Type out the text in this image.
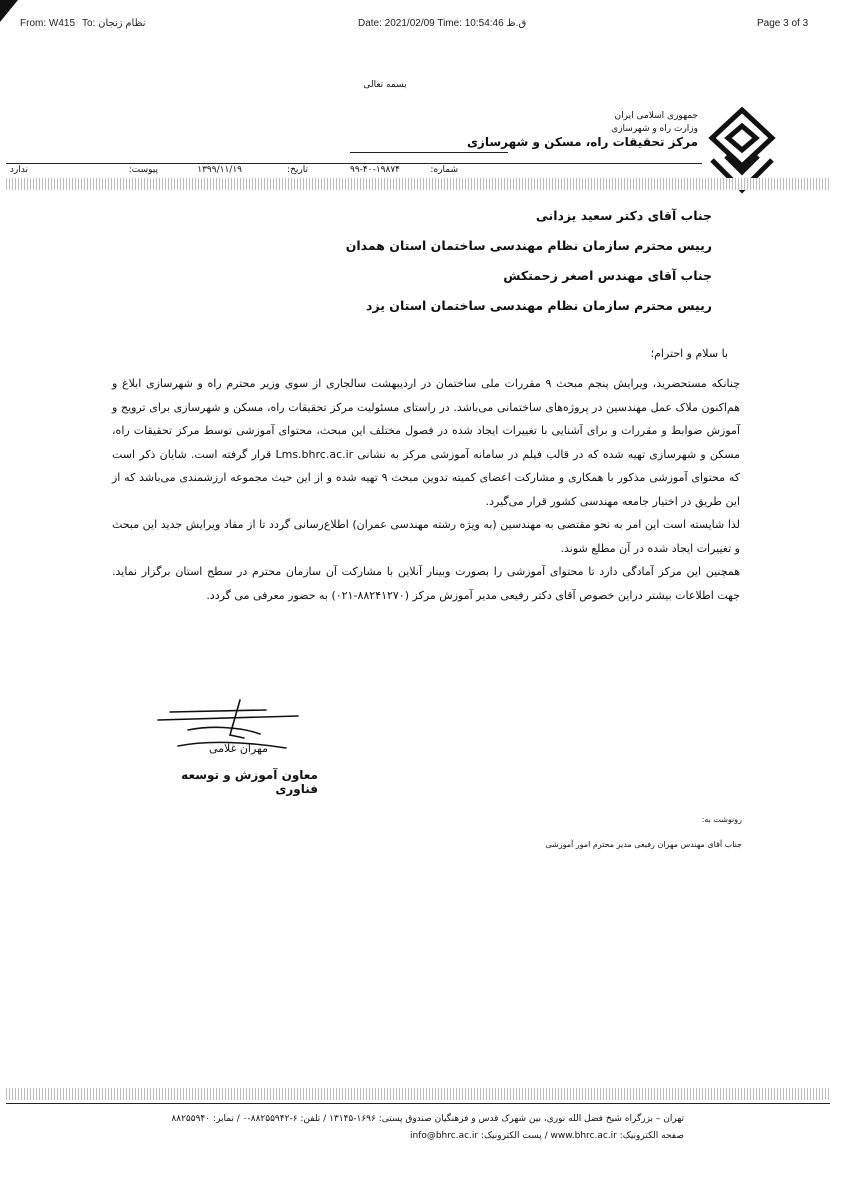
From: W415 To: نظام زنجان	Date: 2021/02/09 Time: 10:54:46 ق.ظ	Page 3 of 3
بسمه تعالی
جمهوری اسلامی ایران
وزارت راه و شهرسازی
مرکز تحقیقات راه، مسکن و شهرسازی
شماره:
۹۹-۴۰-۱۹۸۷۴
تاریخ:
۱۳۹۹/۱۱/۱۹
پیوست:
ندارد
جناب آقای دکتر سعید یزدانی
رییس محترم سازمان نظام مهندسی ساختمان استان همدان
جناب آقای مهندس اصغر زحمتکش
رییس محترم سازمان نظام مهندسی ساختمان استان یزد
با سلام و احترام؛

چنانکه مستحضرید، ویرایش پنجم مبحث ۹ مقررات ملی ساختمان در اردیبهشت سالجاری از سوی وزیر محترم راه و شهرسازی ابلاغ و هم‌اکنون ملاک عمل مهندسین در پروژه‌های ساختمانی می‌باشد. در راستای مسئولیت مرکز تحقیقات راه، مسکن و شهرسازی برای ترویج و آموزش ضوابط و مقررات و برای آشنایی با تغییرات ایجاد شده در فصول مختلف این مبحث، محتوای آموزشی توسط مرکز تحقیقات راه، مسکن و شهرسازی تهیه شده که در قالب فیلم در سامانه آموزشی مرکز به نشانی Lms.bhrc.ac.ir قرار گرفته است. شایان ذکر است که محتوای آموزشی مذکور با همکاری و مشارکت اعضای کمیته تدوین مبحث ۹ تهیه شده و از این حیث مجموعه ارزشمندی می‌باشد که از این طریق در اختیار جامعه مهندسی کشور قرار می‌گیرد.

لذا شایسته است این امر به نحو مقتضی به مهندسین (به ویژه رشته مهندسی عمران) اطلاع‌رسانی گردد تا از مفاد ویرایش جدید این مبحث و تغییرات ایجاد شده در آن مطلع شوند.

همچنین این مرکز آمادگی دارد تا محتوای آموزشی را بصورت وبینار آنلاین با مشارکت آن سازمان محترم در سطح استان برگزار نماید. جهت اطلاعات بیشتر دراین خصوص آقای دکتر رفیعی مدیر آموزش مرکز (۸۸۲۴۱۲۷۰-۰۲۱) به حضور معرفی می گردد.

مهران غلامی
معاون آموزش و توسعه فناوری
رونوشت به:
جناب آقای مهندس مهران رفیعی مدیر محترم امور آموزشی
تهران – بزرگراه شیخ فضل الله نوری، بین شهرک قدس و فرهنگیان صندوق پستی: ۱۶۹۶-۱۳۱۴۵ / تلفن: ۶-۸۸۲۵۵۹۴۲-۰ / نمابر: ۸۸۲۵۵۹۴۰
صفحه الکترونیک: www.bhrc.ac.ir / پست الکترونیک: info@bhrc.ac.ir
